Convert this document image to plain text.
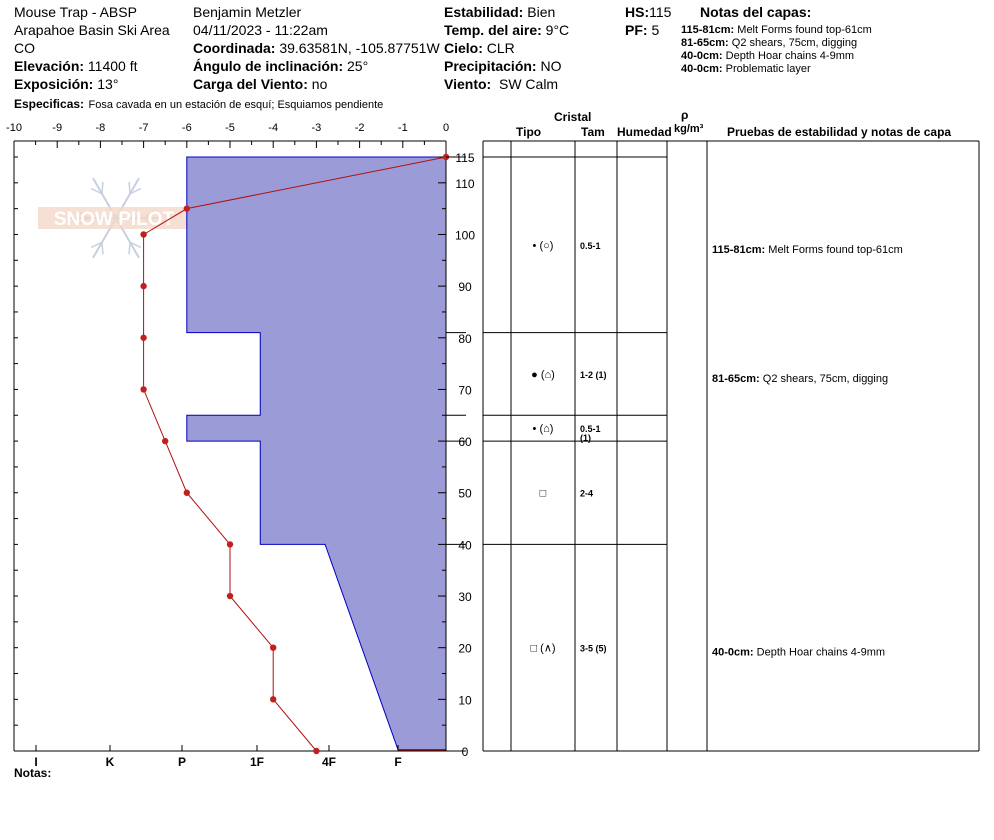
SNOW PILOT
-10	-9	-8	-7	-6	-5	-4	-3	-2	-1	0
0
10
20
30
40
50
60
70
80
90
100
110
115
I	K	P	1F	4F	F
• (○)	0.5-1	115-81cm: Melt Forms found top-61cm
● (⌂)	1-2 (1)	81-65cm: Q2 shears, 75cm, digging
• (⌂)	0.5-1
(1)
□	2-4
□ (∧)	3-5 (5)	40-0cm: Depth Hoar chains 4-9mm
Mouse Trap - ABSP
Arapahoe Basin Ski Area
CO
Elevación: 11400 ft
Exposición: 13°
Especificas: Fosa cavada en un estación de esquí; Esquiamos pendiente
Benjamin Metzler
04/11/2023 - 11:22am
Coordinada: 39.63581N, -105.87751W
Ángulo de inclinación: 25°
Carga del Viento: no
Estabilidad: Bien
Temp. del aire: 9°C
Cielo: CLR
Precipitación: NO
Viento: SW Calm
HS:115
PF: 5
Notas del capas:
115-81cm: Melt Forms found top-61cm
81-65cm: Q2 shears, 75cm, digging
40-0cm: Depth Hoar chains 4-9mm
40-0cm: Problematic layer
Cristal
Tipo	Tam Humedad
ρ
kg/m³ Pruebas de estabilidad y notas de capa
Notas:
